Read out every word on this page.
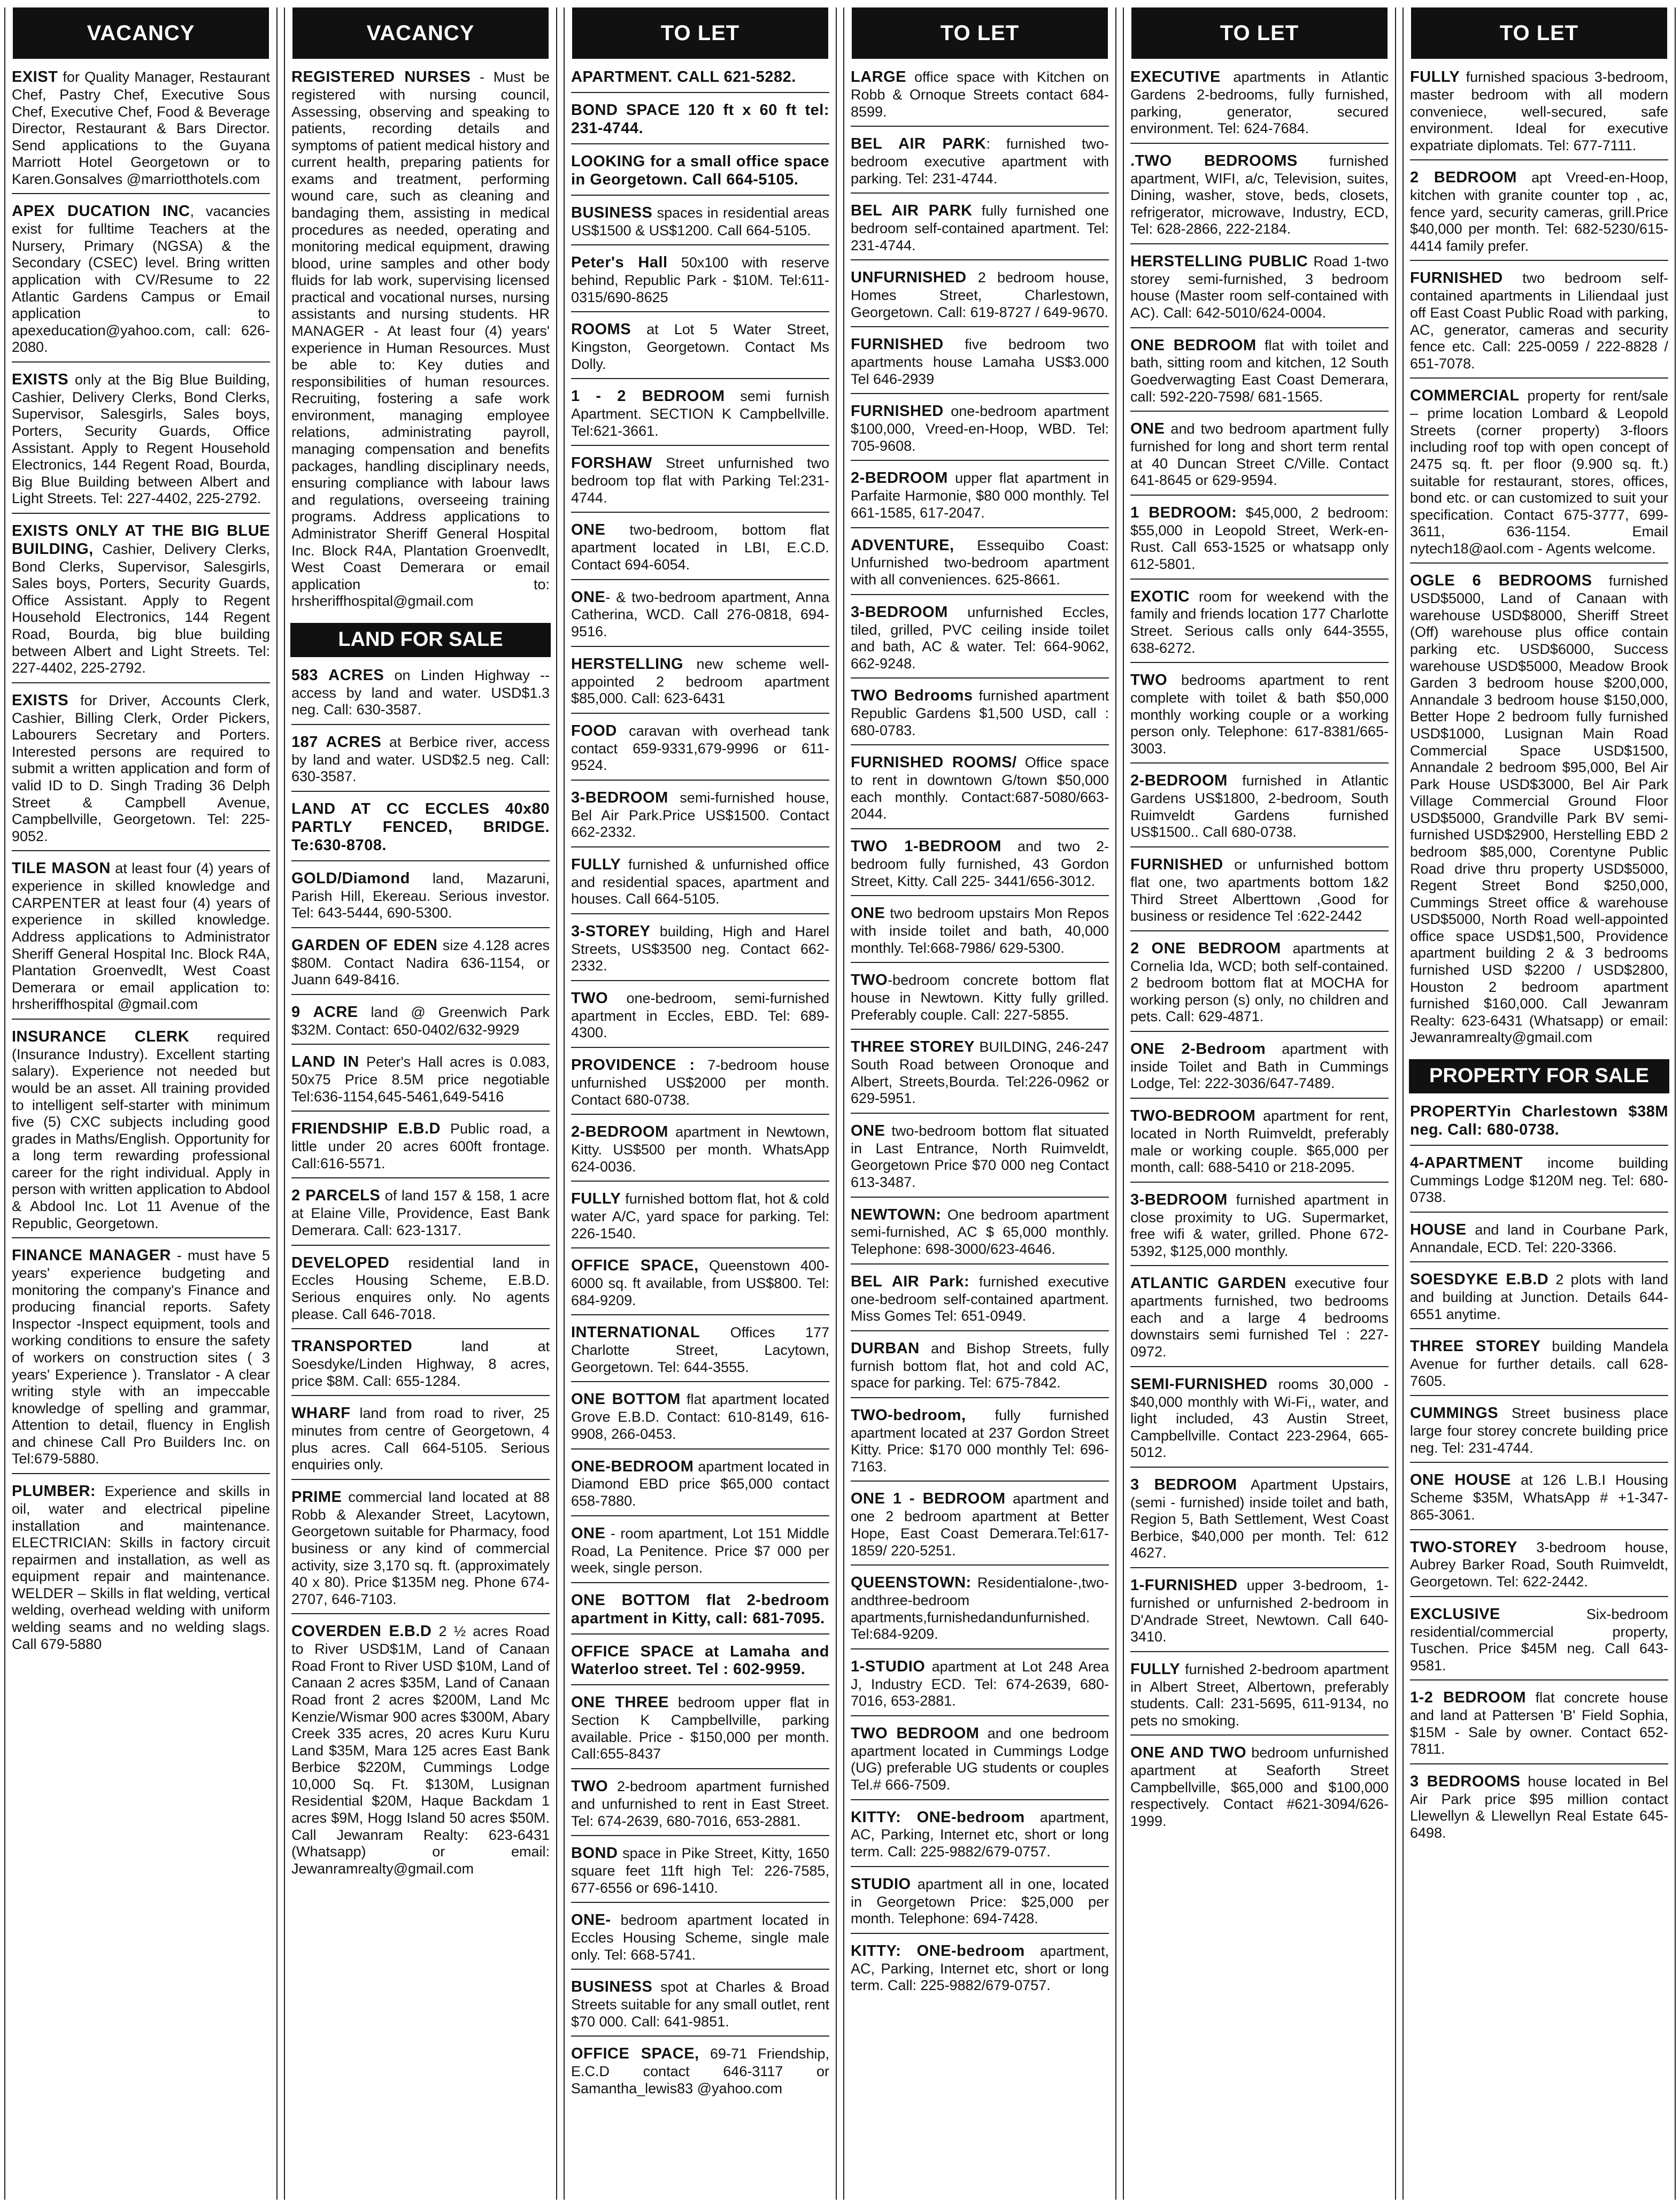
VACANCY
EXIST for Quality Manager, Restaurant Chef, Pastry Chef, Executive Sous Chef, Executive Chef, Food & Beverage Director, Restaurant & Bars Director. Send applications to the Guyana Marriott Hotel Georgetown or to Karen.Gonsalves @marriotthotels.com
APEX DUCATION INC, vacancies exist for fulltime Teachers at the Nursery, Primary (NGSA) & the Secondary (CSEC) level. Bring written application with CV/Resume to 22 Atlantic Gardens Campus or Email application to apexeducation@yahoo.com, call: 626-2080.
EXISTS only at the Big Blue Building, Cashier, Delivery Clerks, Bond Clerks, Supervisor, Salesgirls, Sales boys, Porters, Security Guards, Office Assistant. Apply to Regent Household Electronics, 144 Regent Road, Bourda, Big Blue Building between Albert and Light Streets. Tel: 227-4402, 225-2792.
EXISTS ONLY AT THE BIG BLUE BUILDING, Cashier, Delivery Clerks, Bond Clerks, Supervisor, Salesgirls, Sales boys, Porters, Security Guards, Office Assistant. Apply to Regent Household Electronics, 144 Regent Road, Bourda, big blue building between Albert and Light Streets. Tel: 227-4402, 225-2792.
EXISTS for Driver, Accounts Clerk, Cashier, Billing Clerk, Order Pickers, Labourers Secretary and Porters. Interested persons are required to submit a written application and form of valid ID to D. Singh Trading 36 Delph Street & Campbell Avenue, Campbellville, Georgetown. Tel: 225-9052.
TILE MASON at least four (4) years of experience in skilled knowledge and CARPENTER at least four (4) years of experience in skilled knowledge. Address applications to Administrator Sheriff General Hospital Inc. Block R4A, Plantation Groenvedlt, West Coast Demerara or email application to: hrsheriffhospital @gmail.com
INSURANCE CLERK required (Insurance Industry). Excellent starting salary). Experience not needed but would be an asset. All training provided to intelligent self-starter with minimum five (5) CXC subjects including good grades in Maths/English. Opportunity for a long term rewarding professional career for the right individual. Apply in person with written application to Abdool & Abdool Inc. Lot 11 Avenue of the Republic, Georgetown.
FINANCE MANAGER - must have 5 years' experience budgeting and monitoring the company's Finance and producing financial reports. Safety Inspector -Inspect equipment, tools and working conditions to ensure the safety of workers on construction sites ( 3 years' Experience ). Translator - A clear writing style with an impeccable knowledge of spelling and grammar, Attention to detail, fluency in English and chinese Call Pro Builders Inc. on Tel:679-5880.
PLUMBER: Experience and skills in oil, water and electrical pipeline installation and maintenance. ELECTRICIAN: Skills in factory circuit repairmen and installation, as well as equipment repair and maintenance. WELDER – Skills in flat welding, vertical welding, overhead welding with uniform welding seams and no welding slags. Call 679-5880
VACANCY
REGISTERED NURSES - Must be registered with nursing council, Assessing, observing and speaking to patients, recording details and symptoms of patient medical history and current health, preparing patients for exams and treatment, performing wound care, such as cleaning and bandaging them, assisting in medical procedures as needed, operating and monitoring medical equipment, drawing blood, urine samples and other body fluids for lab work, supervising licensed practical and vocational nurses, nursing assistants and nursing students. HR MANAGER - At least four (4) years' experience in Human Resources. Must be able to: Key duties and responsibilities of human resources. Recruiting, fostering a safe work environment, managing employee relations, administrating payroll, managing compensation and benefits packages, handling disciplinary needs, ensuring compliance with labour laws and regulations, overseeing training programs. Address applications to Administrator Sheriff General Hospital Inc. Block R4A, Plantation Groenvedlt, West Coast Demerara or email application to: hrsheriffhospital@gmail.com
LAND FOR SALE
583 ACRES on Linden Highway -- access by land and water. USD$1.3 neg. Call: 630-3587.
187 ACRES at Berbice river, access by land and water. USD$2.5 neg. Call: 630-3587.
LAND AT CC ECCLES 40x80 PARTLY FENCED, BRIDGE. Te:630-8708.
GOLD/Diamond land, Mazaruni, Parish Hill, Ekereau. Serious investor. Tel: 643-5444, 690-5300.
GARDEN OF EDEN size 4.128 acres $80M. Contact Nadira 636-1154, or Juann 649-8416.
9 ACRE land @ Greenwich Park $32M. Contact: 650-0402/632-9929
LAND IN Peter's Hall acres is 0.083, 50x75 Price 8.5M price negotiable Tel:636-1154,645-5461,649-5416
FRIENDSHIP E.B.D Public road, a little under 20 acres 600ft frontage. Call:616-5571.
2 PARCELS of land 157 & 158, 1 acre at Elaine Ville, Providence, East Bank Demerara. Call: 623-1317.
DEVELOPED residential land in Eccles Housing Scheme, E.B.D. Serious enquires only. No agents please. Call 646-7018.
TRANSPORTED land at Soesdyke/Linden Highway, 8 acres, price $8M. Call: 655-1284.
WHARF land from road to river, 25 minutes from centre of Georgetown, 4 plus acres. Call 664-5105. Serious enquiries only.
PRIME commercial land located at 88 Robb & Alexander Street, Lacytown, Georgetown suitable for Pharmacy, food business or any kind of commercial activity, size 3,170 sq. ft. (approximately 40 x 80). Price $135M neg. Phone 674-2707, 646-7103.
COVERDEN E.B.D 2 ½ acres Road to River USD$1M, Land of Canaan Road Front to River USD $10M, Land of Canaan 2 acres $35M, Land of Canaan Road front 2 acres $200M, Land Mc Kenzie/Wismar 900 acres $300M, Abary Creek 335 acres, 20 acres Kuru Kuru Land $35M, Mara 125 acres East Bank Berbice $220M, Cummings Lodge 10,000 Sq. Ft. $130M, Lusignan Residential $20M, Haque Backdam 1 acres $9M, Hogg Island 50 acres $50M. Call Jewanram Realty: 623-6431 (Whatsapp) or email: Jewanramrealty@gmail.com
TO LET
APARTMENT. CALL 621-5282.
BOND SPACE 120 ft x 60 ft tel: 231-4744.
LOOKING for a small office space in Georgetown. Call 664-5105.
BUSINESS spaces in residential areas US$1500 & US$1200. Call 664-5105.
Peter's Hall 50x100 with reserve behind, Republic Park - $10M. Tel:611-0315/690-8625
ROOMS at Lot 5 Water Street, Kingston, Georgetown. Contact Ms Dolly.
1 - 2 BEDROOM semi furnish Apartment. SECTION K Campbellville. Tel:621-3661.
FORSHAW Street unfurnished two bedroom top flat with Parking Tel:231-4744.
ONE two-bedroom, bottom flat apartment located in LBI, E.C.D. Contact 694-6054.
ONE- & two-bedroom apartment, Anna Catherina, WCD. Call 276-0818, 694-9516.
HERSTELLING new scheme well-appointed 2 bedroom apartment $85,000. Call: 623-6431
FOOD caravan with overhead tank contact 659-9331,679-9996 or 611-9524.
3-BEDROOM semi-furnished house, Bel Air Park.Price US$1500. Contact 662-2332.
FULLY furnished & unfurnished office and residential spaces, apartment and houses. Call 664-5105.
3-STOREY building, High and Harel Streets, US$3500 neg. Contact 662-2332.
TWO one-bedroom, semi-furnished apartment in Eccles, EBD. Tel: 689-4300.
PROVIDENCE : 7-bedroom house unfurnished US$2000 per month. Contact 680-0738.
2-BEDROOM apartment in Newtown, Kitty. US$500 per month. WhatsApp 624-0036.
FULLY furnished bottom flat, hot & cold water A/C, yard space for parking. Tel: 226-1540.
OFFICE SPACE, Queenstown 400-6000 sq. ft available, from US$800. Tel: 684-9209.
INTERNATIONAL Offices 177 Charlotte Street, Lacytown, Georgetown. Tel: 644-3555.
ONE BOTTOM flat apartment located Grove E.B.D. Contact: 610-8149, 616-9908, 266-0453.
ONE-BEDROOM apartment located in Diamond EBD price $65,000 contact 658-7880.
ONE - room apartment, Lot 151 Middle Road, La Penitence. Price $7 000 per week, single person.
ONE BOTTOM flat 2-bedroom apartment in Kitty, call: 681-7095.
OFFICE SPACE at Lamaha and Waterloo street. Tel : 602-9959.
ONE THREE bedroom upper flat in Section K Campbellville, parking available. Price - $150,000 per month. Call:655-8437
TWO 2-bedroom apartment furnished and unfurnished to rent in East Street. Tel: 674-2639, 680-7016, 653-2881.
BOND space in Pike Street, Kitty, 1650 square feet 11ft high Tel: 226-7585, 677-6556 or 696-1410.
ONE- bedroom apartment located in Eccles Housing Scheme, single male only. Tel: 668-5741.
BUSINESS spot at Charles & Broad Streets suitable for any small outlet, rent $70 000. Call: 641-9851.
OFFICE SPACE, 69-71 Friendship, E.C.D contact 646-3117 or Samantha_lewis83 @yahoo.com
TO LET
LARGE office space with Kitchen on Robb & Ornoque Streets contact 684-8599.
BEL AIR PARK: furnished two-bedroom executive apartment with parking. Tel: 231-4744.
BEL AIR PARK fully furnished one bedroom self-contained apartment. Tel: 231-4744.
UNFURNISHED 2 bedroom house, Homes Street, Charlestown, Georgetown. Call: 619-8727 / 649-9670.
FURNISHED five bedroom two apartments house Lamaha US$3.000 Tel 646-2939
FURNISHED one-bedroom apartment $100,000, Vreed-en-Hoop, WBD. Tel: 705-9608.
2-BEDROOM upper flat apartment in Parfaite Harmonie, $80 000 monthly. Tel 661-1585, 617-2047.
ADVENTURE, Essequibo Coast: Unfurnished two-bedroom apartment with all conveniences. 625-8661.
3-BEDROOM unfurnished Eccles, tiled, grilled, PVC ceiling inside toilet and bath, AC & water. Tel: 664-9062, 662-9248.
TWO Bedrooms furnished apartment Republic Gardens $1,500 USD, call : 680-0783.
FURNISHED ROOMS/ Office space to rent in downtown G/town $50,000 each monthly. Contact:687-5080/663-2044.
TWO 1-BEDROOM and two 2-bedroom fully furnished, 43 Gordon Street, Kitty. Call 225- 3441/656-3012.
ONE two bedroom upstairs Mon Repos with inside toilet and bath, 40,000 monthly. Tel:668-7986/ 629-5300.
TWO-bedroom concrete bottom flat house in Newtown. Kitty fully grilled. Preferably couple. Call: 227-5855.
THREE STOREY BUILDING, 246-247 South Road between Oronoque and Albert, Streets,Bourda. Tel:226-0962 or 629-5951.
ONE two-bedroom bottom flat situated in Last Entrance, North Ruimveldt, Georgetown Price $70 000 neg Contact 613-3487.
NEWTOWN: One bedroom apartment semi-furnished, AC $ 65,000 monthly. Telephone: 698-3000/623-4646.
BEL AIR Park: furnished executive one-bedroom self-contained apartment. Miss Gomes Tel: 651-0949.
DURBAN and Bishop Streets, fully furnish bottom flat, hot and cold AC, space for parking. Tel: 675-7842.
TWO-bedroom, fully furnished apartment located at 237 Gordon Street Kitty. Price: $170 000 monthly Tel: 696-7163.
ONE 1 - BEDROOM apartment and one 2 bedroom apartment at Better Hope, East Coast Demerara.Tel:617-1859/ 220-5251.
QUEENSTOWN: Residentialone-,two-andthree-bedroom apartments,furnishedandunfurnished. Tel:684-9209.
1-STUDIO apartment at Lot 248 Area J, Industry ECD. Tel: 674-2639, 680-7016, 653-2881.
TWO BEDROOM and one bedroom apartment located in Cummings Lodge (UG) preferable UG students or couples Tel.# 666-7509.
KITTY: ONE-bedroom apartment, AC, Parking, Internet etc, short or long term. Call: 225-9882/679-0757.
STUDIO apartment all in one, located in Georgetown Price: $25,000 per month. Telephone: 694-7428.
KITTY: ONE-bedroom apartment, AC, Parking, Internet etc, short or long term. Call: 225-9882/679-0757.
TO LET
EXECUTIVE apartments in Atlantic Gardens 2-bedrooms, fully furnished, parking, generator, secured environment. Tel: 624-7684.
.TWO BEDROOMS furnished apartment, WIFI, a/c, Television, suites, Dining, washer, stove, beds, closets, refrigerator, microwave, Industry, ECD, Tel: 628-2866, 222-2184.
HERSTELLING PUBLIC Road 1-two storey semi-furnished, 3 bedroom house (Master room self-contained with AC). Call: 642-5010/624-0004.
ONE BEDROOM flat with toilet and bath, sitting room and kitchen, 12 South Goedverwagting East Coast Demerara, call: 592-220-7598/ 681-1565.
ONE and two bedroom apartment fully furnished for long and short term rental at 40 Duncan Street C/Ville. Contact 641-8645 or 629-9594.
1 BEDROOM: $45,000, 2 bedroom: $55,000 in Leopold Street, Werk-en-Rust. Call 653-1525 or whatsapp only 612-5801.
EXOTIC room for weekend with the family and friends location 177 Charlotte Street. Serious calls only 644-3555, 638-6272.
TWO bedrooms apartment to rent complete with toilet & bath $50,000 monthly working couple or a working person only. Telephone: 617-8381/665-3003.
2-BEDROOM furnished in Atlantic Gardens US$1800, 2-bedroom, South Ruimveldt Gardens furnished US$1500.. Call 680-0738.
FURNISHED or unfurnished bottom flat one, two apartments bottom 1&2 Third Street Alberttown ,Good for business or residence Tel :622-2442
2 ONE BEDROOM apartments at Cornelia Ida, WCD; both self-contained. 2 bedroom bottom flat at MOCHA for working person (s) only, no children and pets. Call: 629-4871.
ONE 2-Bedroom apartment with inside Toilet and Bath in Cummings Lodge, Tel: 222-3036/647-7489.
TWO-BEDROOM apartment for rent, located in North Ruimveldt, preferably male or working couple. $65,000 per month, call: 688-5410 or 218-2095.
3-BEDROOM furnished apartment in close proximity to UG. Supermarket, free wifi & water, grilled. Phone 672-5392, $125,000 monthly.
ATLANTIC GARDEN executive four apartments furnished, two bedrooms each and a large 4 bedrooms downstairs semi furnished Tel : 227-0972.
SEMI-FURNISHED rooms 30,000 - $40,000 monthly with Wi-Fi,, water, and light included, 43 Austin Street, Campbellville. Contact 223-2964, 665-5012.
3 BEDROOM Apartment Upstairs, (semi - furnished) inside toilet and bath, Region 5, Bath Settlement, West Coast Berbice, $40,000 per month. Tel: 612 4627.
1-FURNISHED upper 3-bedroom, 1-furnished or unfurnished 2-bedroom in D'Andrade Street, Newtown. Call 640-3410.
FULLY furnished 2-bedroom apartment in Albert Street, Albertown, preferably students. Call: 231-5695, 611-9134, no pets no smoking.
ONE AND TWO bedroom unfurnished apartment at Seaforth Street Campbellville, $65,000 and $100,000 respectively. Contact #621-3094/626-1999.
TO LET
FULLY furnished spacious 3-bedroom, master bedroom with all modern conveniece, well-secured, safe environment. Ideal for executive expatriate diplomats. Tel: 677-7111.
2 BEDROOM apt Vreed-en-Hoop, kitchen with granite counter top , ac, fence yard, security cameras, grill.Price $40,000 per month. Tel: 682-5230/615-4414 family prefer.
FURNISHED two bedroom self-contained apartments in Liliendaal just off East Coast Public Road with parking, AC, generator, cameras and security fence etc. Call: 225-0059 / 222-8828 / 651-7078.
COMMERCIAL property for rent/sale – prime location Lombard & Leopold Streets (corner property) 3-floors including roof top with open concept of 2475 sq. ft. per floor (9.900 sq. ft.) suitable for restaurant, stores, offices, bond etc. or can customized to suit your specification. Contact 675-3777, 699-3611, 636-1154. Email nytech18@aol.com - Agents welcome.
OGLE 6 BEDROOMS furnished USD$5000, Land of Canaan with warehouse USD$8000, Sheriff Street (Off) warehouse plus office contain parking etc. USD$6000, Success warehouse USD$5000, Meadow Brook Garden 3 bedroom house $200,000, Annandale 3 bedroom house $150,000, Better Hope 2 bedroom fully furnished USD$1000, Lusignan Main Road Commercial Space USD$1500, Annandale 2 bedroom $95,000, Bel Air Park House USD$3000, Bel Air Park Village Commercial Ground Floor USD$5000, Grandville Park BV semi- furnished USD$2900, Herstelling EBD 2 bedroom $85,000, Corentyne Public Road drive thru property USD$5000, Regent Street Bond $250,000, Cummings Street office & warehouse USD$5000, North Road well-appointed office space USD$1,500, Providence apartment building 2 & 3 bedrooms furnished USD $2200 / USD$2800, Houston 2 bedroom apartment furnished $160,000. Call Jewanram Realty: 623-6431 (Whatsapp) or email: Jewanramrealty@gmail.com
PROPERTY FOR SALE
PROPERTYin Charlestown $38M neg. Call: 680-0738.
4-APARTMENT income building Cummings Lodge $120M neg. Tel: 680-0738.
HOUSE and land in Courbane Park, Annandale, ECD. Tel: 220-3366.
SOESDYKE E.B.D 2 plots with land and building at Junction. Details 644-6551 anytime.
THREE STOREY building Mandela Avenue for further details. call 628-7605.
CUMMINGS Street business place large four storey concrete building price neg. Tel: 231-4744.
ONE HOUSE at 126 L.B.I Housing Scheme $35M, WhatsApp # +1-347-865-3061.
TWO-STOREY 3-bedroom house, Aubrey Barker Road, South Ruimveldt, Georgetown. Tel: 622-2442.
EXCLUSIVE Six-bedroom residential/commercial property, Tuschen. Price $45M neg. Call 643-9581.
1-2 BEDROOM flat concrete house and land at Pattersen 'B' Field Sophia, $15M - Sale by owner. Contact 652-7811.
3 BEDROOMS house located in Bel Air Park price $95 million contact Llewellyn & Llewellyn Real Estate 645-6498.
